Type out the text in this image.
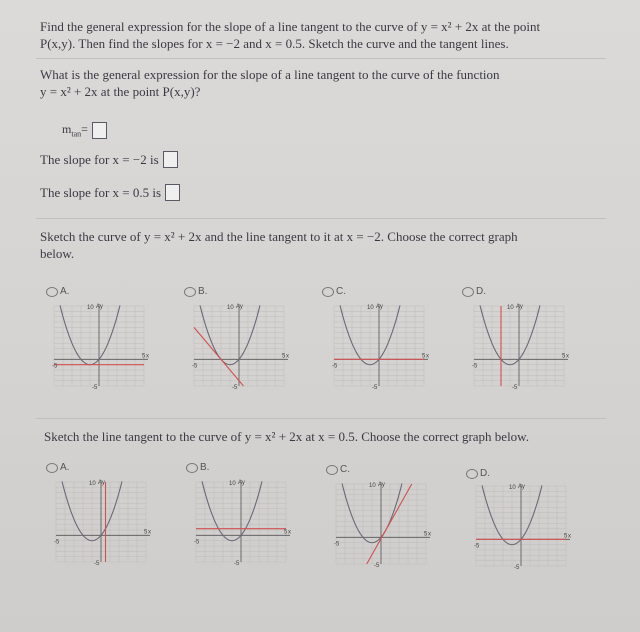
Find the general expression for the slope of a line tangent to the curve of y = x² + 2x at the point
P(x,y). Then find the slopes for x = −2 and x = 0.5. Sketch the curve and the tangent lines.
What is the general expression for the slope of a line tangent to the curve of the function
y = x² + 2x at the point P(x,y)?
$m_{tan}=$
The slope for x = −2 is
The slope for x = 0.5 is
Sketch the curve of y = x² + 2x and the line tangent to it at x = −2. Choose the correct graph
below.
A.	B.	C.	D.
Ay
x
10
-5
5
-5
Ay
x
10
-5
5
-5
Ay
x
10
-5
5
-5
Ay
x
10
-5
5
-5
Sketch the line tangent to the curve of y = x² + 2x at x = 0.5. Choose the correct graph below.
A.	B.	C.	D.
Ay
x
10
-5
5
-5
Ay
x
10
-5
5
-5
Ay
x
10
-5
5
-5
Ay
x
10
-5
5
-5
